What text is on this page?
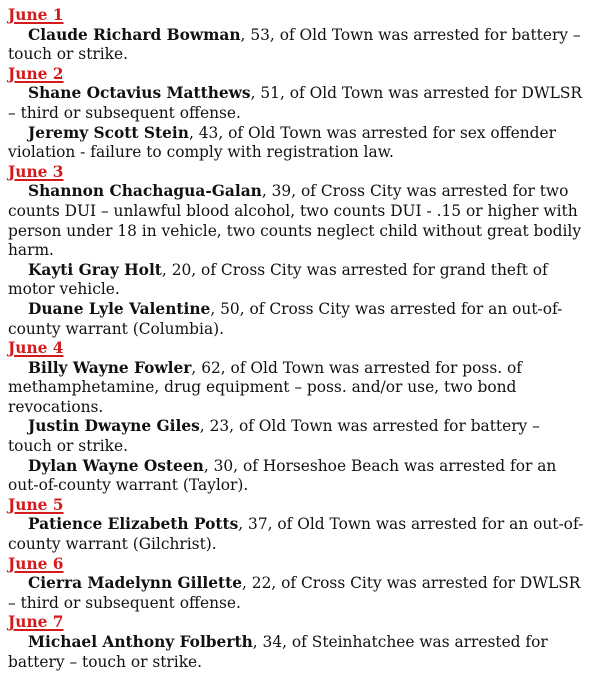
June 1

Claude Richard Bowman, 53, of Old Town was arrested for battery – touch or strike.

June 2

Shane Octavius Matthews, 51, of Old Town was arrested for DWLSR – third or subsequent offense.

Jeremy Scott Stein, 43, of Old Town was arrested for sex offender violation - failure to comply with registration law.

June 3

Shannon Chachagua-Galan, 39, of Cross City was arrested for two counts DUI – unlawful blood alcohol, two counts DUI - .15 or higher with person under 18 in vehicle, two counts neglect child without great bodily harm.

Kayti Gray Holt, 20, of Cross City was arrested for grand theft of motor vehicle.

Duane Lyle Valentine, 50, of Cross City was arrested for an out-of-county warrant (Columbia).

June 4

Billy Wayne Fowler, 62, of Old Town was arrested for poss. of methamphetamine, drug equipment – poss. and/or use, two bond revocations.

Justin Dwayne Giles, 23, of Old Town was arrested for battery – touch or strike.

Dylan Wayne Osteen, 30, of Horseshoe Beach was arrested for an out-of-county warrant (Taylor).

June 5

Patience Elizabeth Potts, 37, of Old Town was arrested for an out-of-county warrant (Gilchrist).

June 6

Cierra Madelynn Gillette, 22, of Cross City was arrested for DWLSR – third or subsequent offense.

June 7

Michael Anthony Folberth, 34, of Steinhatchee was arrested for battery – touch or strike.
